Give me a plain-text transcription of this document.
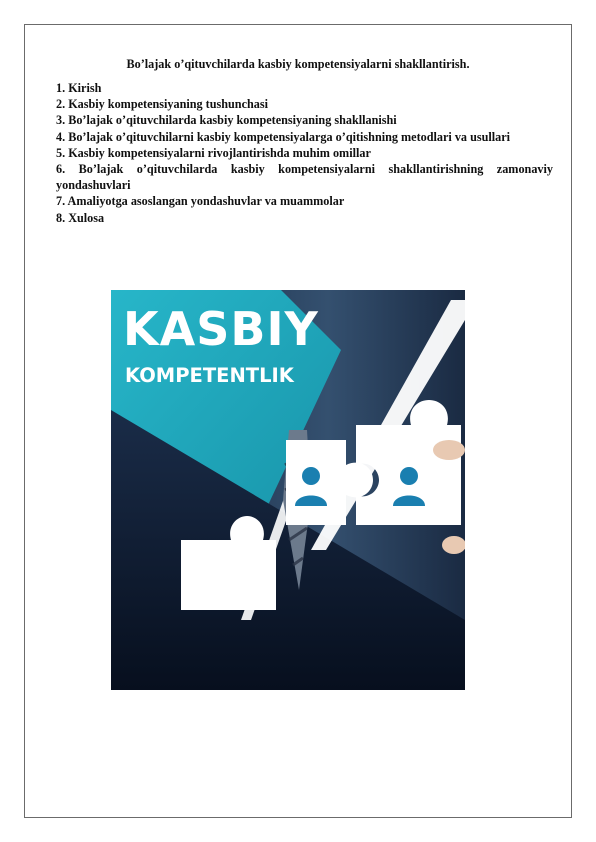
Bo’lajak o’qituvchilarda kasbiy kompetensiyalarni shakllantirish.
1. Kirish
2. Kasbiy kompetensiyaning tushunchasi
3. Bo’lajak o’qituvchilarda kasbiy kompetensiyaning shakllanishi
4. Bo’lajak o’qituvchilarni kasbiy kompetensiyalarga o’qitishning metodlari va usullari
5. Kasbiy kompetensiyalarni rivojlantirishda muhim omillar
6. Bo’lajak o’qituvchilarda kasbiy kompetensiyalarni shakllantirishning zamonaviy yondashuvlari
7. Amaliyotga asoslangan yondashuvlar va muammolar
8. Xulosa
KASBIY
KOMPETENTLIK
